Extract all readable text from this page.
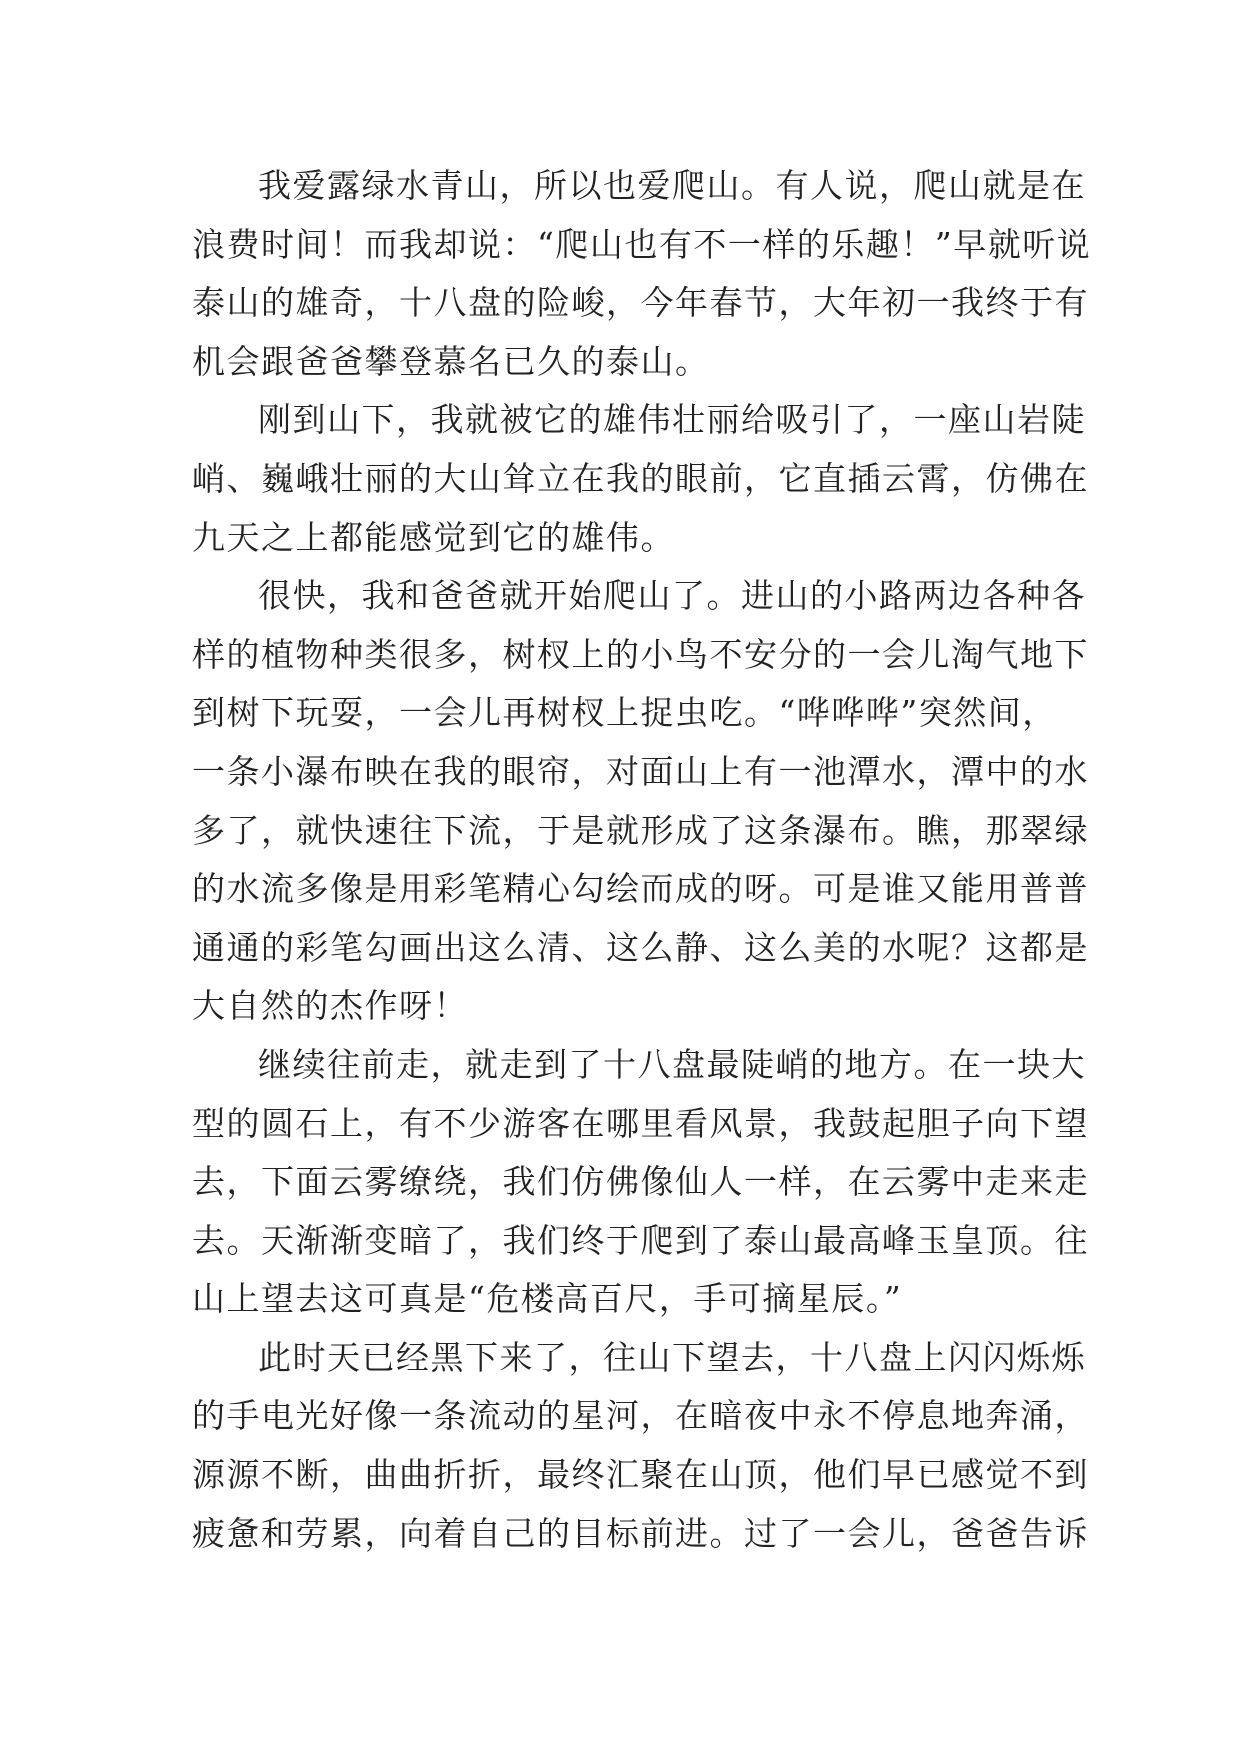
我爱露绿水青山，所以也爱爬山。有人说，爬山就是在
浪费时间！而我却说：“爬山也有不一样的乐趣！”早就听说
泰山的雄奇，十八盘的险峻，今年春节，大年初一我终于有
机会跟爸爸攀登慕名已久的泰山。
刚到山下，我就被它的雄伟壮丽给吸引了，一座山岩陡
峭、巍峨壮丽的大山耸立在我的眼前，它直插云霄，仿佛在
九天之上都能感觉到它的雄伟。
很快，我和爸爸就开始爬山了。进山的小路两边各种各
样的植物种类很多，树杈上的小鸟不安分的一会儿淘气地下
到树下玩耍，一会儿再树杈上捉虫吃。“哗哗哗”突然间，
一条小瀑布映在我的眼帘，对面山上有一池潭水，潭中的水
多了，就快速往下流，于是就形成了这条瀑布。瞧，那翠绿
的水流多像是用彩笔精心勾绘而成的呀。可是谁又能用普普
通通的彩笔勾画出这么清、这么静、这么美的水呢？这都是
大自然的杰作呀！
继续往前走，就走到了十八盘最陡峭的地方。在一块大
型的圆石上，有不少游客在哪里看风景，我鼓起胆子向下望
去，下面云雾缭绕，我们仿佛像仙人一样，在云雾中走来走
去。天渐渐变暗了，我们终于爬到了泰山最高峰玉皇顶。往
山上望去这可真是“危楼高百尺，手可摘星辰。”
此时天已经黑下来了，往山下望去，十八盘上闪闪烁烁
的手电光好像一条流动的星河，在暗夜中永不停息地奔涌，
源源不断，曲曲折折，最终汇聚在山顶，他们早已感觉不到
疲惫和劳累，向着自己的目标前进。过了一会儿，爸爸告诉
